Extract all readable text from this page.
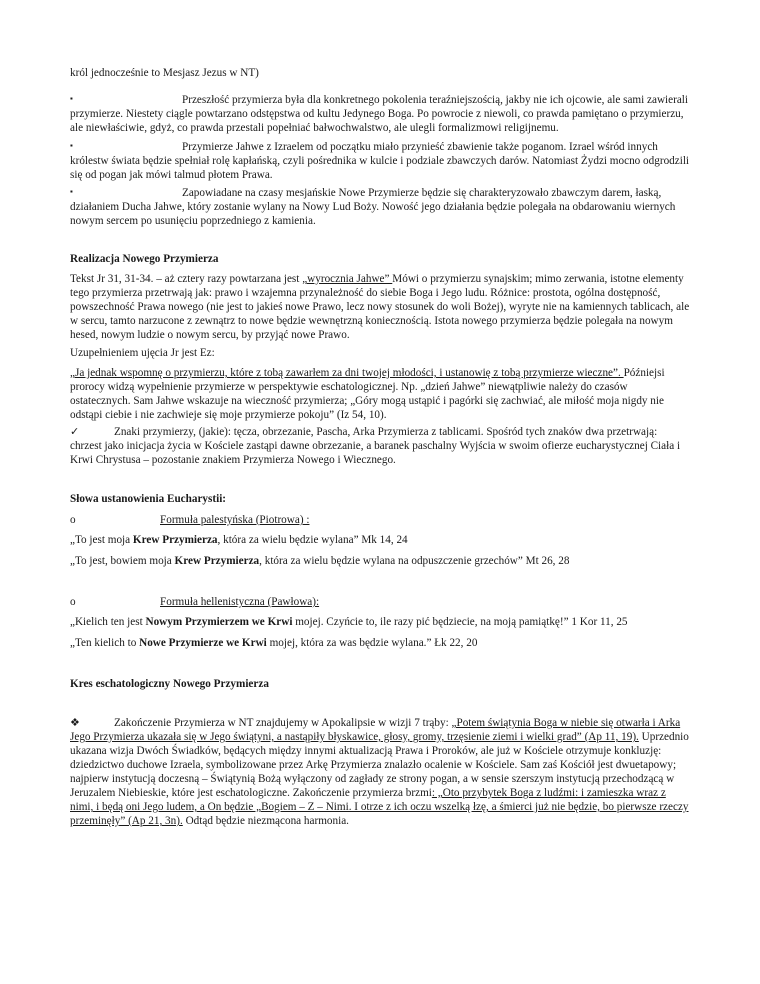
król jednocześnie to Mesjasz Jezus w NT)

▪	Przeszłość przymierza była dla konkretnego pokolenia teraźniejszością, jakby nie ich ojcowie, ale sami zawierali przymierze. Niestety ciągle powtarzano odstępstwa od kultu Jedynego Boga. Po powrocie z niewoli, co prawda pamiętano o przymierzu, ale niewłaściwie, gdyż, co prawda przestali popełniać bałwochwalstwo, ale ulegli formalizmowi religijnemu.

▪	Przymierze Jahwe z Izraelem od początku miało przynieść zbawienie także poganom. Izrael wśród innych królestw świata będzie spełniał rolę kapłańską, czyli pośrednika w kulcie i podziale zbawczych darów. Natomiast Żydzi mocno odgrodzili się od pogan jak mówi talmud płotem Prawa.

▪	Zapowiadane na czasy mesjańskie Nowe Przymierze będzie się charakteryzowało zbawczym darem, łaską, działaniem Ducha Jahwe, który zostanie wylany na Nowy Lud Boży. Nowość jego działania będzie polegała na obdarowaniu wiernych nowym sercem po usunięciu poprzedniego z kamienia.

Realizacja Nowego Przymierza

Tekst Jr 31, 31-34. – aż cztery razy powtarzana jest „wyrocznia Jahwe” Mówi o przymierzu synajskim; mimo zerwania, istotne elementy tego przymierza przetrwają jak: prawo i wzajemna przynależność do siebie Boga i Jego ludu. Różnice: prostota, ogólna dostępność, powszechność Prawa nowego (nie jest to jakieś nowe Prawo, lecz nowy stosunek do woli Bożej), wyryte nie na kamiennych tablicach, ale w sercu, tamto narzucone z zewnątrz to nowe będzie wewnętrzną koniecznością. Istota nowego przymierza będzie polegała na nowym hesed, nowym ludzie o nowym sercu, by przyjąć nowe Prawo.

Uzupełnieniem ujęcia Jr jest Ez:

„Ja jednak wspomnę o przymierzu, które z tobą zawarłem za dni twojej młodości, i ustanowię z tobą przymierze wieczne”. Późniejsi prorocy widzą wypełnienie przymierze w perspektywie eschatologicznej. Np. „dzień Jahwe” niewątpliwie należy do czasów ostatecznych. Sam Jahwe wskazuje na wieczność przymierza; „Góry mogą ustąpić i pagórki się zachwiać, ale miłość moja nigdy nie odstąpi ciebie i nie zachwieje się moje przymierze pokoju” (Iz 54, 10).

✓	Znaki przymierzy, (jakie): tęcza, obrzezanie, Pascha, Arka Przymierza z tablicami. Spośród tych znaków dwa przetrwają: chrzest jako inicjacja życia w Kościele zastąpi dawne obrzezanie, a baranek paschalny Wyjścia w swoim ofierze eucharystycznej Ciała i Krwi Chrystusa – pozostanie znakiem Przymierza Nowego i Wiecznego.

Słowa ustanowienia Eucharystii:

o	Formuła palestyńska (Piotrowa) :

„To jest moja Krew Przymierza, która za wielu będzie wylana” Mk 14, 24

„To jest, bowiem moja Krew Przymierza, która za wielu będzie wylana na odpuszczenie grzechów” Mt 26, 28

o	Formuła hellenistyczna (Pawłowa):

„Kielich ten jest Nowym Przymierzem we Krwi mojej. Czyńcie to, ile razy pić będziecie, na moją pamiątkę!” 1 Kor 11, 25

„Ten kielich to Nowe Przymierze we Krwi mojej, która za was będzie wylana.” Łk 22, 20

Kres eschatologiczny Nowego Przymierza

❖	Zakończenie Przymierza w NT znajdujemy w Apokalipsie w wizji 7 trąby: „Potem świątynia Boga w niebie się otwarła i Arka Jego Przymierza ukazała się w Jego świątyni, a nastąpiły błyskawice, głosy, gromy, trzęsienie ziemi i wielki grad” (Ap 11, 19). Uprzednio ukazana wizja Dwóch Świadków, będących między innymi aktualizacją Prawa i Proroków, ale już w Kościele otrzymuje konkluzję: dziedzictwo duchowe Izraela, symbolizowane przez Arkę Przymierza znalazło ocalenie w Kościele. Sam zaś Kościół jest dwuetapowy; najpierw instytucją doczesną – Świątynią Bożą wyłączony od zagłady ze strony pogan, a w sensie szerszym instytucją przechodzącą w Jeruzalem Niebieskie, które jest eschatologiczne. Zakończenie przymierza brzmi: „Oto przybytek Boga z ludźmi: i zamieszka wraz z nimi, i będą oni Jego ludem, a On będzie „Bogiem – Z – Nimi. I otrze z ich oczu wszelką łzę, a śmierci już nie będzie, bo pierwsze rzeczy przeminęły” (Ap 21, 3n). Odtąd będzie niezmącona harmonia.
